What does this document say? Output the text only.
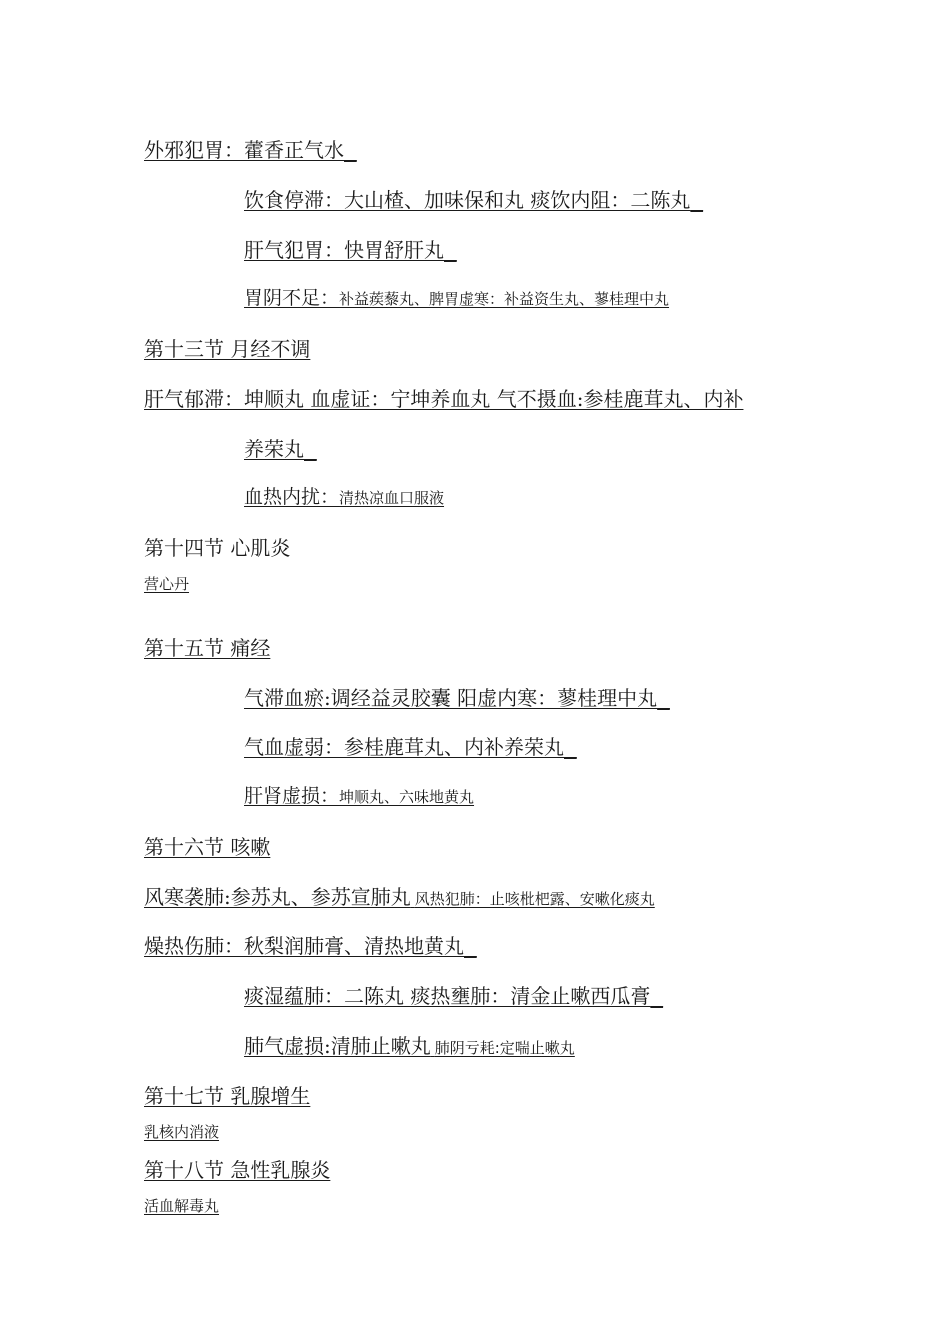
外邪犯胃：藿香正气水
饮食停滞：大山楂、加味保和丸 痰饮内阻：二陈丸
肝气犯胃：快胃舒肝丸
胃阴不足：补益蒺藜丸、脾胃虚寒：补益资生丸、蓼桂理中丸
第十三节 月经不调
肝气郁滞：坤顺丸 血虚证：宁坤养血丸 气不摄血:参桂鹿茸丸、内补
养荣丸
血热内扰：清热凉血口服液
第十四节 心肌炎
营心丹
第十五节 痛经
气滞血瘀:调经益灵胶囊 阳虚内寒：蓼桂理中丸
气血虚弱：参桂鹿茸丸、内补养荣丸
肝肾虚损：坤顺丸、六味地黄丸
第十六节 咳嗽
风寒袭肺:参苏丸、参苏宣肺丸 风热犯肺：止咳枇杷露、安嗽化痰丸
燥热伤肺：秋梨润肺膏、清热地黄丸
痰湿蕴肺：二陈丸 痰热壅肺：清金止嗽西瓜膏
肺气虚损:清肺止嗽丸 肺阴亏耗:定喘止嗽丸
第十七节 乳腺增生
乳核内消液
第十八节 急性乳腺炎
活血解毒丸
